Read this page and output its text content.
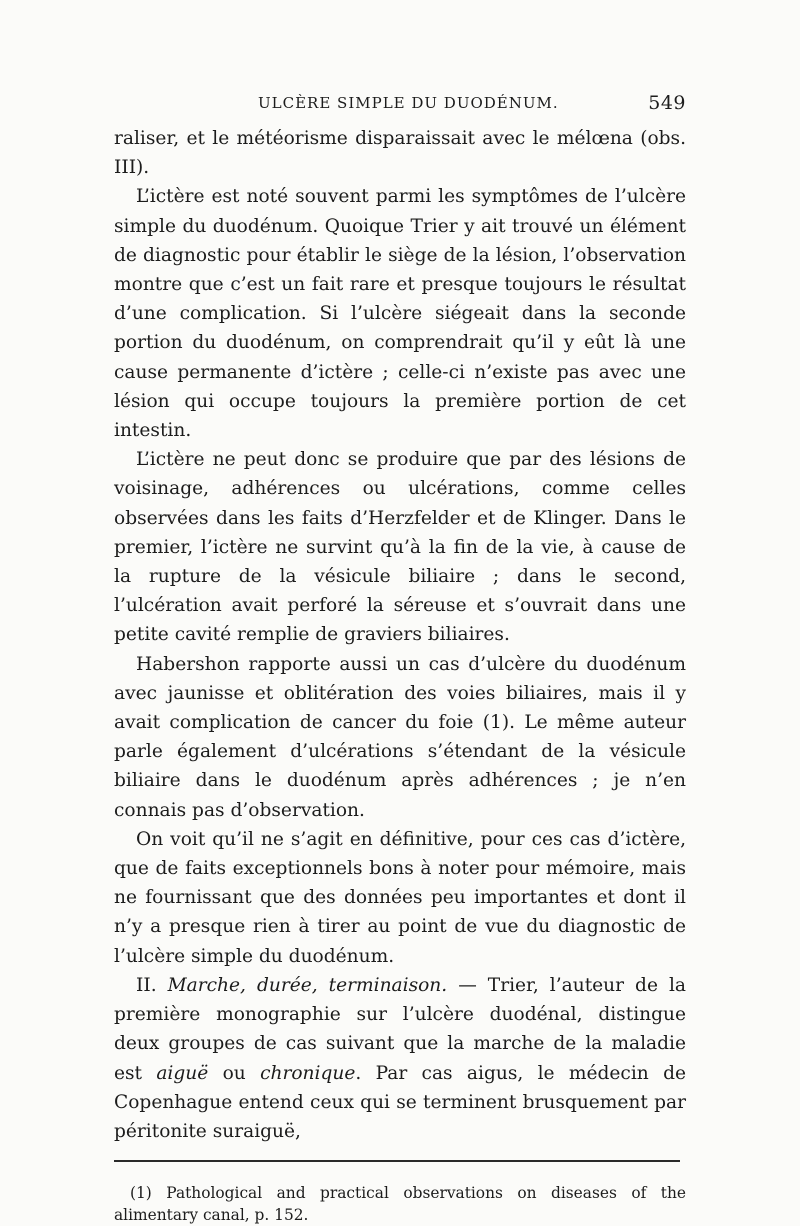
ULCÈRE SIMPLE DU DUODÉNUM.	549

raliser, et le météorisme disparaissait avec le mélœna (obs. III).

L’ictère est noté souvent parmi les symptômes de l’ulcère simple du duodénum. Quoique Trier y ait trouvé un élément de diagnostic pour établir le siège de la lésion, l’observation montre que c’est un fait rare et presque toujours le résultat d’une complication. Si l’ulcère siégeait dans la seconde portion du duodénum, on comprendrait qu’il y eût là une cause permanente d’ictère ; celle-ci n’existe pas avec une lésion qui occupe toujours la première portion de cet intestin.

L’ictère ne peut donc se produire que par des lésions de voisinage, adhérences ou ulcérations, comme celles observées dans les faits d’Herzfelder et de Klinger. Dans le premier, l’ictère ne survint qu’à la fin de la vie, à cause de la rupture de la vésicule biliaire ; dans le second, l’ulcération avait perforé la séreuse et s’ouvrait dans une petite cavité remplie de graviers biliaires.

Habershon rapporte aussi un cas d’ulcère du duodénum avec jaunisse et oblitération des voies biliaires, mais il y avait complication de cancer du foie (1). Le même auteur parle également d’ulcérations s’étendant de la vésicule biliaire dans le duodénum après adhérences ; je n’en connais pas d’observation.

On voit qu’il ne s’agit en définitive, pour ces cas d’ictère, que de faits exceptionnels bons à noter pour mémoire, mais ne fournissant que des données peu importantes et dont il n’y a presque rien à tirer au point de vue du diagnostic de l’ulcère simple du duodénum.

II. Marche, durée, terminaison. — Trier, l’auteur de la première monographie sur l’ulcère duodénal, distingue deux groupes de cas suivant que la marche de la maladie est aiguë ou chronique. Par cas aigus, le médecin de Copenhague entend ceux qui se terminent brusquement par péritonite suraiguë,

(1) Pathological and practical observations on diseases of the alimentary canal, p. 152.
